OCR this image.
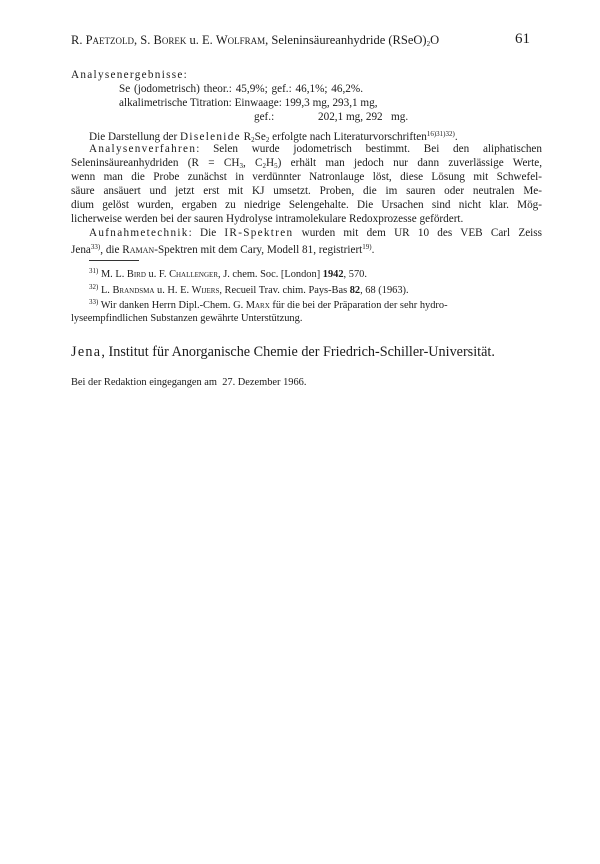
R. Paetzold, S. Borek u. E. Wolfram, Seleninsäureanhydride $(RSeO)_2O$	61
Analysenergebnisse:
Se (jodometrisch) theor.: 45,9%; gef.: 46,1%; 46,2%.
alkalimetrische Titration: Einwaage: 199,3 mg, 293,1 mg,
gef.:	202,1 mg, 292   mg.
Die Darstellung der Diselenide $R_2Se_2$ erfolgte nach Literaturvorschriften$^{16)31)32)}$.
Analysenverfahren: Selen wurde jodometrisch bestimmt. Bei den aliphatischen
Seleninsäureanhydriden ($R = CH_3$, $C_2H_5$) erhält man jedoch nur dann zuverlässige Werte,
wenn man die Probe zunächst in verdünnter Natronlauge löst, diese Lösung mit Schwefel-
säure ansäuert und jetzt erst mit KJ umsetzt. Proben, die im sauren oder neutralen Me-
dium gelöst wurden, ergaben zu niedrige Selengehalte. Die Ursachen sind nicht klar. Mög-
licherweise werden bei der sauren Hydrolyse intramolekulare Redoxprozesse gefördert.
Aufnahmetechnik: Die IR-Spektren wurden mit dem UR 10 des VEB Carl Zeiss
Jena$^{33)}$, die Raman-Spektren mit dem Cary, Modell 81, registriert$^{19)}$.
$^{31)}$ M. L. Bird u. F. Challenger, J. chem. Soc. [London] 1942, 570.
$^{32)}$ L. Brandsma u. H. E. Wijers, Recueil Trav. chim. Pays-Bas 82, 68 (1963).
$^{33)}$ Wir danken Herrn Dipl.-Chem. G. Marx für die bei der Präparation der sehr hydro-
lyseempfindlichen Substanzen gewährte Unterstützung.
Jena, Institut für Anorganische Chemie der Friedrich-Schiller-Universität.
Bei der Redaktion eingegangen am  27. Dezember 1966.
